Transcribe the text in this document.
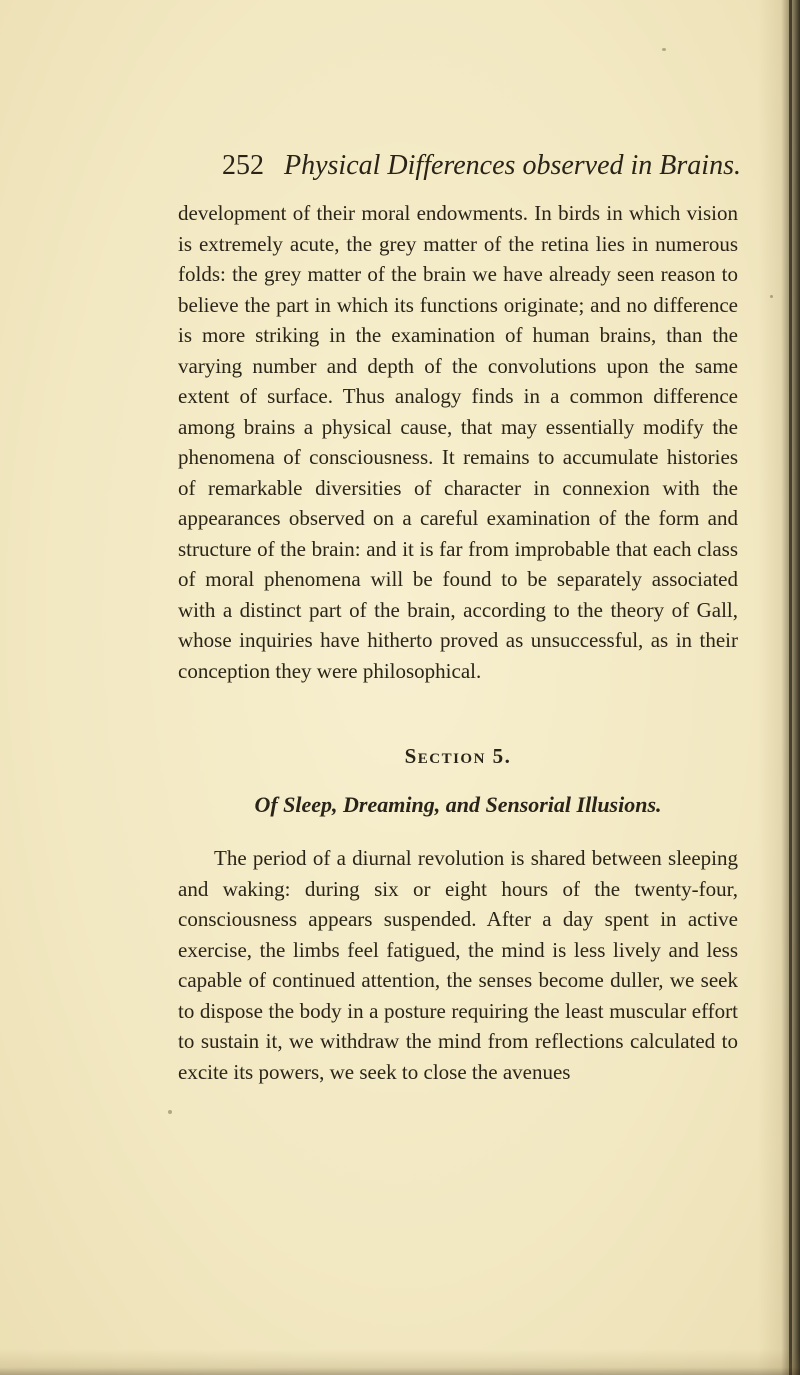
252 Physical Differences observed in Brains.

development of their moral endowments. In birds in which vision is extremely acute, the grey matter of the retina lies in numerous folds: the grey matter of the brain we have already seen reason to believe the part in which its functions originate; and no difference is more striking in the examination of human brains, than the varying number and depth of the convolutions upon the same extent of surface. Thus analogy finds in a common difference among brains a physical cause, that may essentially modify the phenomena of consciousness. It remains to accumulate histories of remarkable diversities of character in connexion with the appearances observed on a careful examination of the form and structure of the brain: and it is far from improbable that each class of moral phenomena will be found to be separately associated with a distinct part of the brain, according to the theory of Gall, whose inquiries have hitherto proved as unsuccessful, as in their conception they were philosophical.

Section 5.
Of Sleep, Dreaming, and Sensorial Illusions.

The period of a diurnal revolution is shared between sleeping and waking: during six or eight hours of the twenty-four, consciousness appears suspended. After a day spent in active exercise, the limbs feel fatigued, the mind is less lively and less capable of continued attention, the senses become duller, we seek to dispose the body in a posture requiring the least muscular effort to sustain it, we withdraw the mind from reflections calculated to excite its powers, we seek to close the avenues
